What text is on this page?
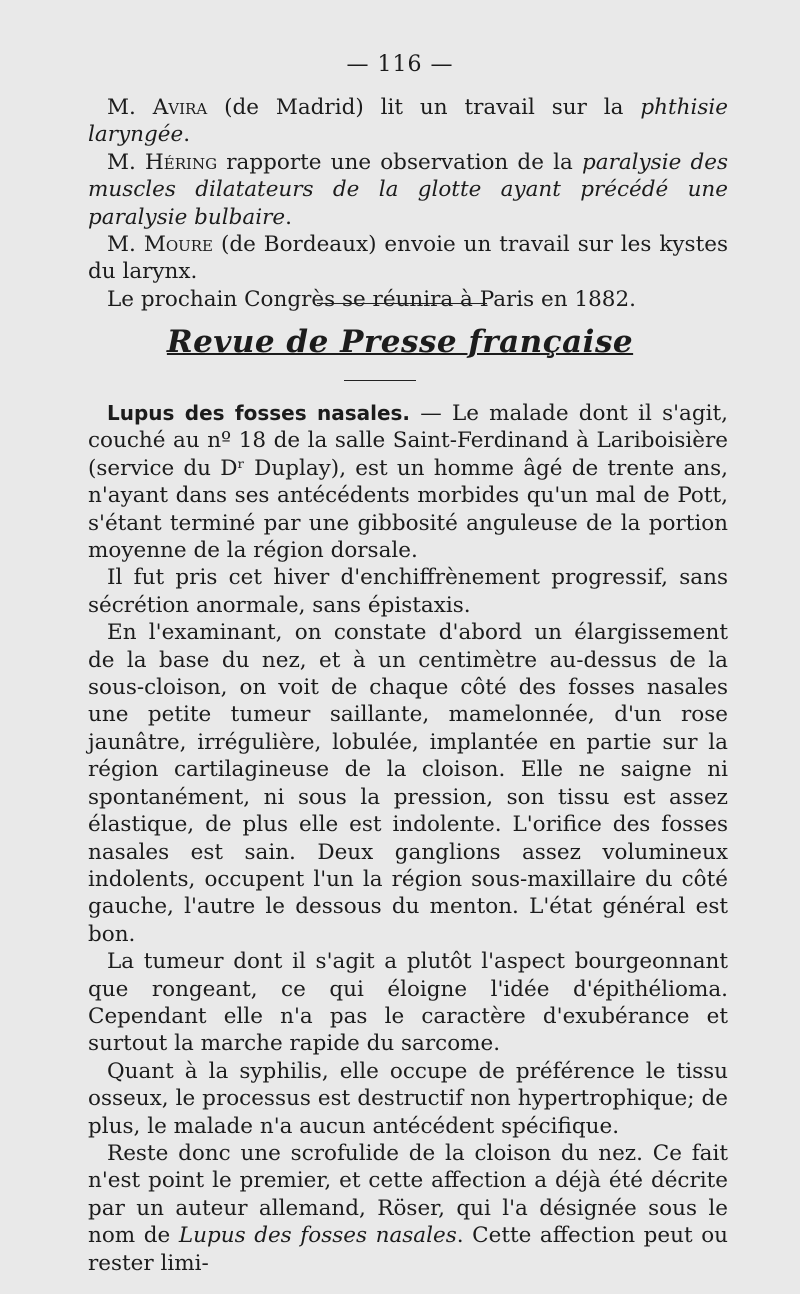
— 116 —

M. Avira (de Madrid) lit un travail sur la phthisie laryngée.

M. Héring rapporte une observation de la paralysie des muscles dilatateurs de la glotte ayant précédé une paralysie bulbaire.

M. Moure (de Bordeaux) envoie un travail sur les kystes du larynx.

Le prochain Congrès se réunira à Paris en 1882.

Revue de Presse française

Lupus des fosses nasales. — Le malade dont il s'agit, couché au nº 18 de la salle Saint-Ferdinand à Lariboisière (service du Dʳ Duplay), est un homme âgé de trente ans, n'ayant dans ses antécédents morbides qu'un mal de Pott, s'étant terminé par une gibbosité anguleuse de la portion moyenne de la région dorsale.

Il fut pris cet hiver d'enchiffrènement progressif, sans sécrétion anormale, sans épistaxis.

En l'examinant, on constate d'abord un élargissement de la base du nez, et à un centimètre au-dessus de la sous-cloison, on voit de chaque côté des fosses nasales une petite tumeur saillante, mamelonnée, d'un rose jaunâtre, irrégulière, lobulée, implantée en partie sur la région cartilagineuse de la cloison. Elle ne saigne ni spontanément, ni sous la pression, son tissu est assez élastique, de plus elle est indolente. L'orifice des fosses nasales est sain. Deux ganglions assez volumineux indolents, occupent l'un la région sous-maxillaire du côté gauche, l'autre le dessous du menton. L'état général est bon.

La tumeur dont il s'agit a plutôt l'aspect bourgeonnant que rongeant, ce qui éloigne l'idée d'épithélioma. Cependant elle n'a pas le caractère d'exubérance et surtout la marche rapide du sarcome.

Quant à la syphilis, elle occupe de préférence le tissu osseux, le processus est destructif non hypertrophique; de plus, le malade n'a aucun antécédent spécifique.

Reste donc une scrofulide de la cloison du nez. Ce fait n'est point le premier, et cette affection a déjà été décrite par un auteur allemand, Röser, qui l'a désignée sous le nom de Lupus des fosses nasales. Cette affection peut ou rester limi-
